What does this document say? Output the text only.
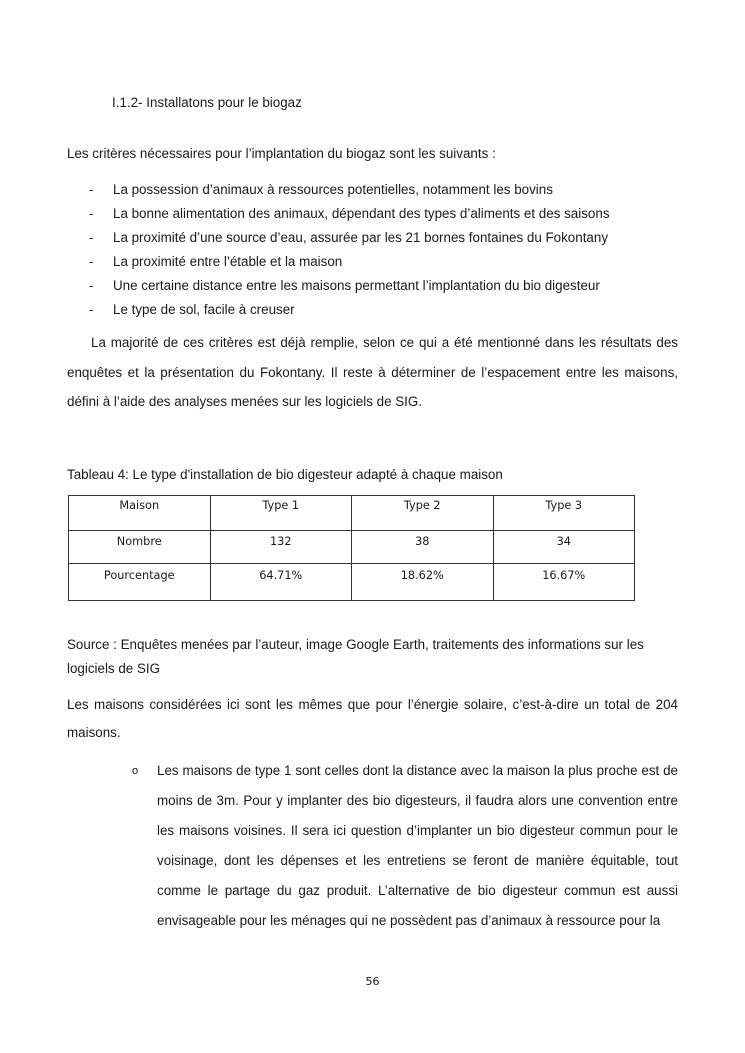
I.1.2- Installatons pour le biogaz
Les critères nécessaires pour l’implantation du biogaz sont les suivants :
- La possession d’animaux à ressources potentielles, notamment les bovins
- La bonne alimentation des animaux, dépendant des types d’aliments et des saisons
- La proximité d’une source d’eau, assurée par les 21 bornes fontaines du Fokontany
- La proximité entre l’étable et la maison
- Une certaine distance entre les maisons permettant l’implantation du bio digesteur
- Le type de sol, facile à creuser
La majorité de ces critères est déjà remplie, selon ce qui a été mentionné dans les résultats des enquêtes et la présentation du Fokontany. Il reste à déterminer de l’espacement entre les maisons, défini à l’aide des analyses menées sur les logiciels de SIG.
Tableau 4: Le type d'installation de bio digesteur adapté à chaque maison
Maison	Type 1	Type 2	Type 3
Nombre	132	38	34
Pourcentage	64.71%	18.62%	16.67%
Source : Enquêtes menées par l’auteur, image Google Earth, traitements des informations sur les logiciels de SIG
Les maisons considérées ici sont les mêmes que pour l’énergie solaire, c’est-à-dire un total de 204 maisons.
o Les maisons de type 1 sont celles dont la distance avec la maison la plus proche est de moins de 3m. Pour y implanter des bio digesteurs, il faudra alors une convention entre les maisons voisines. Il sera ici question d’implanter un bio digesteur commun pour le voisinage, dont les dépenses et les entretiens se feront de manière équitable, tout comme le partage du gaz produit. L’alternative de bio digesteur commun est aussi envisageable pour les ménages qui ne possèdent pas d’animaux à ressource pour la
56
